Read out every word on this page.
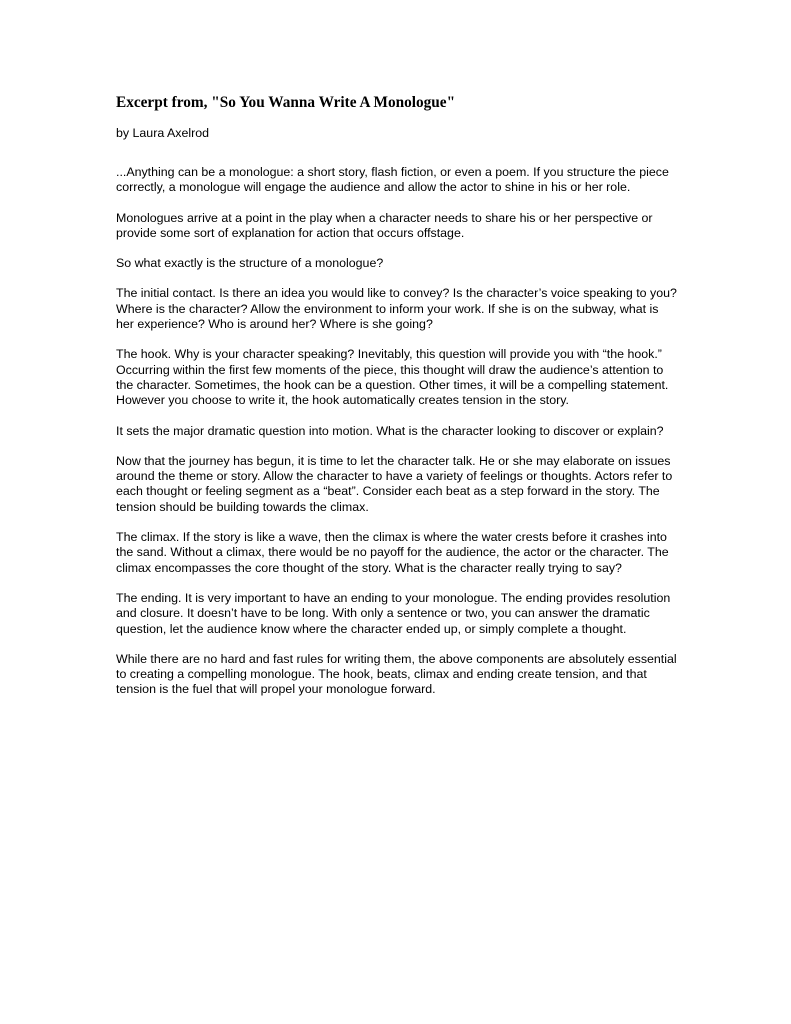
Excerpt from, "So You Wanna Write A Monologue"

by Laura Axelrod

...Anything can be a monologue: a short story, flash fiction, or even a poem. If you structure the piece correctly, a monologue will engage the audience and allow the actor to shine in his or her role.

Monologues arrive at a point in the play when a character needs to share his or her perspective or provide some sort of explanation for action that occurs offstage.

So what exactly is the structure of a monologue?

The initial contact. Is there an idea you would like to convey? Is the character’s voice speaking to you? Where is the character? Allow the environment to inform your work. If she is on the subway, what is her experience? Who is around her? Where is she going?

The hook. Why is your character speaking? Inevitably, this question will provide you with “the hook.” Occurring within the first few moments of the piece, this thought will draw the audience’s attention to the character. Sometimes, the hook can be a question. Other times, it will be a compelling statement. However you choose to write it, the hook automatically creates tension in the story.

It sets the major dramatic question into motion. What is the character looking to discover or explain?

Now that the journey has begun, it is time to let the character talk. He or she may elaborate on issues around the theme or story. Allow the character to have a variety of feelings or thoughts. Actors refer to each thought or feeling segment as a “beat”. Consider each beat as a step forward in the story. The tension should be building towards the climax.

The climax. If the story is like a wave, then the climax is where the water crests before it crashes into the sand. Without a climax, there would be no payoff for the audience, the actor or the character. The climax encompasses the core thought of the story. What is the character really trying to say?

The ending. It is very important to have an ending to your monologue. The ending provides resolution and closure. It doesn’t have to be long. With only a sentence or two, you can answer the dramatic question, let the audience know where the character ended up, or simply complete a thought.

While there are no hard and fast rules for writing them, the above components are absolutely essential to creating a compelling monologue. The hook, beats, climax and ending create tension, and that tension is the fuel that will propel your monologue forward.
